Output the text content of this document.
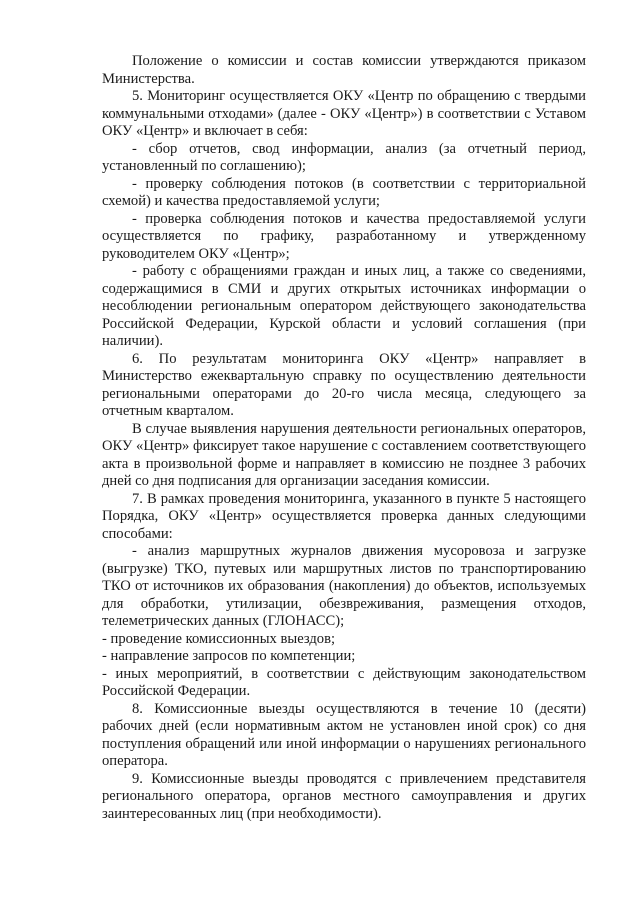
Положение о комиссии и состав комиссии утверждаются приказом Министерства.

5. Мониторинг осуществляется ОКУ «Центр по обращению с твердыми коммунальными отходами» (далее - ОКУ «Центр») в соответствии с Уставом ОКУ «Центр» и включает в себя:

- сбор отчетов, свод информации, анализ (за отчетный период, установленный по соглашению);

- проверку соблюдения потоков (в соответствии с территориальной схемой) и качества предоставляемой услуги;

- проверка соблюдения потоков и качества предоставляемой услуги осуществляется по графику, разработанному и утвержденному руководителем ОКУ «Центр»;

- работу с обращениями граждан и иных лиц, а также со сведениями, содержащимися в СМИ и других открытых источниках информации о несоблюдении региональным оператором действующего законодательства Российской Федерации, Курской области и условий соглашения (при наличии).

6. По результатам мониторинга ОКУ «Центр» направляет в Министерство ежеквартальную справку по осуществлению деятельности региональными операторами до 20-го числа месяца, следующего за отчетным кварталом.

В случае выявления нарушения деятельности региональных операторов, ОКУ «Центр» фиксирует такое нарушение с составлением соответствующего акта в произвольной форме и направляет в комиссию не позднее 3 рабочих дней со дня подписания для организации заседания комиссии.

7. В рамках проведения мониторинга, указанного в пункте 5 настоящего Порядка, ОКУ «Центр» осуществляется проверка данных следующими способами:

- анализ маршрутных журналов движения мусоровоза и загрузке (выгрузке) ТКО, путевых или маршрутных листов по транспортированию ТКО от источников их образования (накопления) до объектов, используемых для обработки, утилизации, обезвреживания, размещения отходов, телеметрических данных (ГЛОНАСС);

- проведение комиссионных выездов;

- направление запросов по компетенции;

- иных мероприятий, в соответствии с действующим законодательством Российской Федерации.

8. Комиссионные выезды осуществляются в течение 10 (десяти) рабочих дней (если нормативным актом не установлен иной срок) со дня поступления обращений или иной информации о нарушениях регионального оператора.

9. Комиссионные выезды проводятся с привлечением представителя регионального оператора, органов местного самоуправления и других заинтересованных лиц (при необходимости).
